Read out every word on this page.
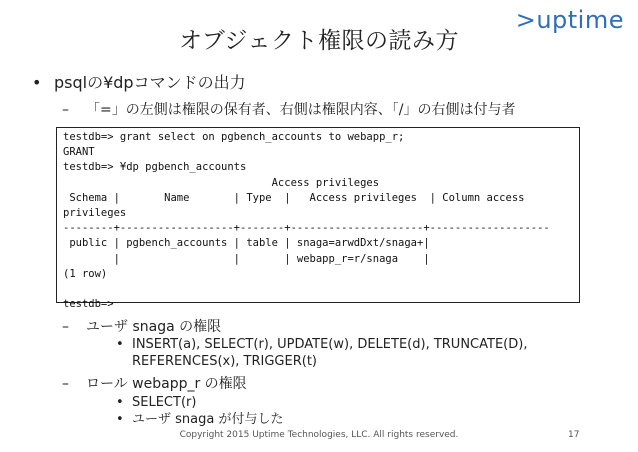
オブジェクト権限の読み方
>uptime
• psqlの¥dpコマンドの出力
– 「=」の左側は権限の保有者、右側は権限内容、「/」の右側は付与者
testdb=> grant select on pgbench_accounts to webapp_r;
GRANT
testdb=> ¥dp pgbench_accounts
Access privileges
Schema |       Name       | Type  |   Access privileges  | Column access
privileges
--------+------------------+-------+---------------------+-------------------
public | pgbench_accounts | table | snaga=arwdDxt/snaga+|
|                  |       | webapp_r=r/snaga    |
(1 row)
testdb=>
– ユーザ snaga の権限
• INSERT(a), SELECT(r), UPDATE(w), DELETE(d), TRUNCATE(D),
REFERENCES(x), TRIGGER(t)
– ロール webapp_r の権限
• SELECT(r)
• ユーザ snaga が付与した
Copyright 2015 Uptime Technologies, LLC. All rights reserved.	17
